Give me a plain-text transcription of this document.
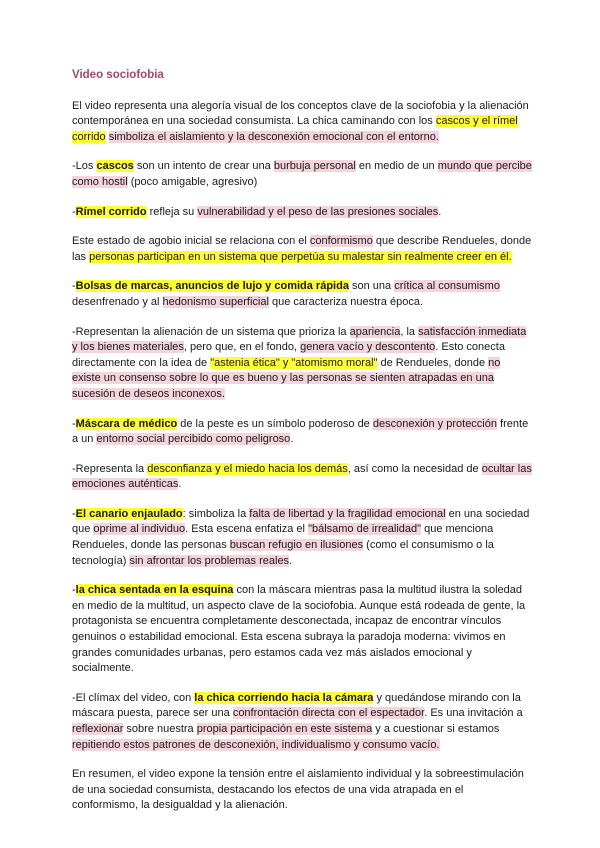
Video sociofobia

El video representa una alegoría visual de los conceptos clave de la sociofobia y la alienación contemporánea en una sociedad consumista. La chica caminando con los cascos y el rímel corrido simboliza el aislamiento y la desconexión emocional con el entorno.

-Los cascos son un intento de crear una burbuja personal en medio de un mundo que percibe como hostil (poco amigable, agresivo)

-Rímel corrido refleja su vulnerabilidad y el peso de las presiones sociales.

Este estado de agobio inicial se relaciona con el conformismo que describe Rendueles, donde las personas participan en un sistema que perpetúa su malestar sin realmente creer en él.

-Bolsas de marcas, anuncios de lujo y comida rápida son una crítica al consumismo desenfrenado y al hedonismo superficial que caracteriza nuestra época.

-Representan la alienación de un sistema que prioriza la apariencia, la satisfacción inmediata y los bienes materiales, pero que, en el fondo, genera vacío y descontento. Esto conecta directamente con la idea de "astenia ética" y "atomismo moral" de Rendueles, donde no existe un consenso sobre lo que es bueno y las personas se sienten atrapadas en una sucesión de deseos inconexos.

-Máscara de médico de la peste es un símbolo poderoso de desconexión y protección frente a un entorno social percibido como peligroso.

-Representa la desconfianza y el miedo hacia los demás, así como la necesidad de ocultar las emociones auténticas.

-El canario enjaulado: simboliza la falta de libertad y la fragilidad emocional en una sociedad que oprime al individuo. Esta escena enfatiza el "bálsamo de irrealidad" que menciona Rendueles, donde las personas buscan refugio en ilusiones (como el consumismo o la tecnología) sin afrontar los problemas reales.

-la chica sentada en la esquina con la máscara mientras pasa la multitud ilustra la soledad en medio de la multitud, un aspecto clave de la sociofobia. Aunque está rodeada de gente, la protagonista se encuentra completamente desconectada, incapaz de encontrar vínculos genuinos o estabilidad emocional. Esta escena subraya la paradoja moderna: vivimos en grandes comunidades urbanas, pero estamos cada vez más aislados emocional y socialmente.

-El clímax del video, con la chica corriendo hacia la cámara y quedándose mirando con la máscara puesta, parece ser una confrontación directa con el espectador. Es una invitación a reflexionar sobre nuestra propia participación en este sistema y a cuestionar si estamos repitiendo estos patrones de desconexión, individualismo y consumo vacío.

En resumen, el video expone la tensión entre el aislamiento individual y la sobreestimulación de una sociedad consumista, destacando los efectos de una vida atrapada en el conformismo, la desigualdad y la alienación.
